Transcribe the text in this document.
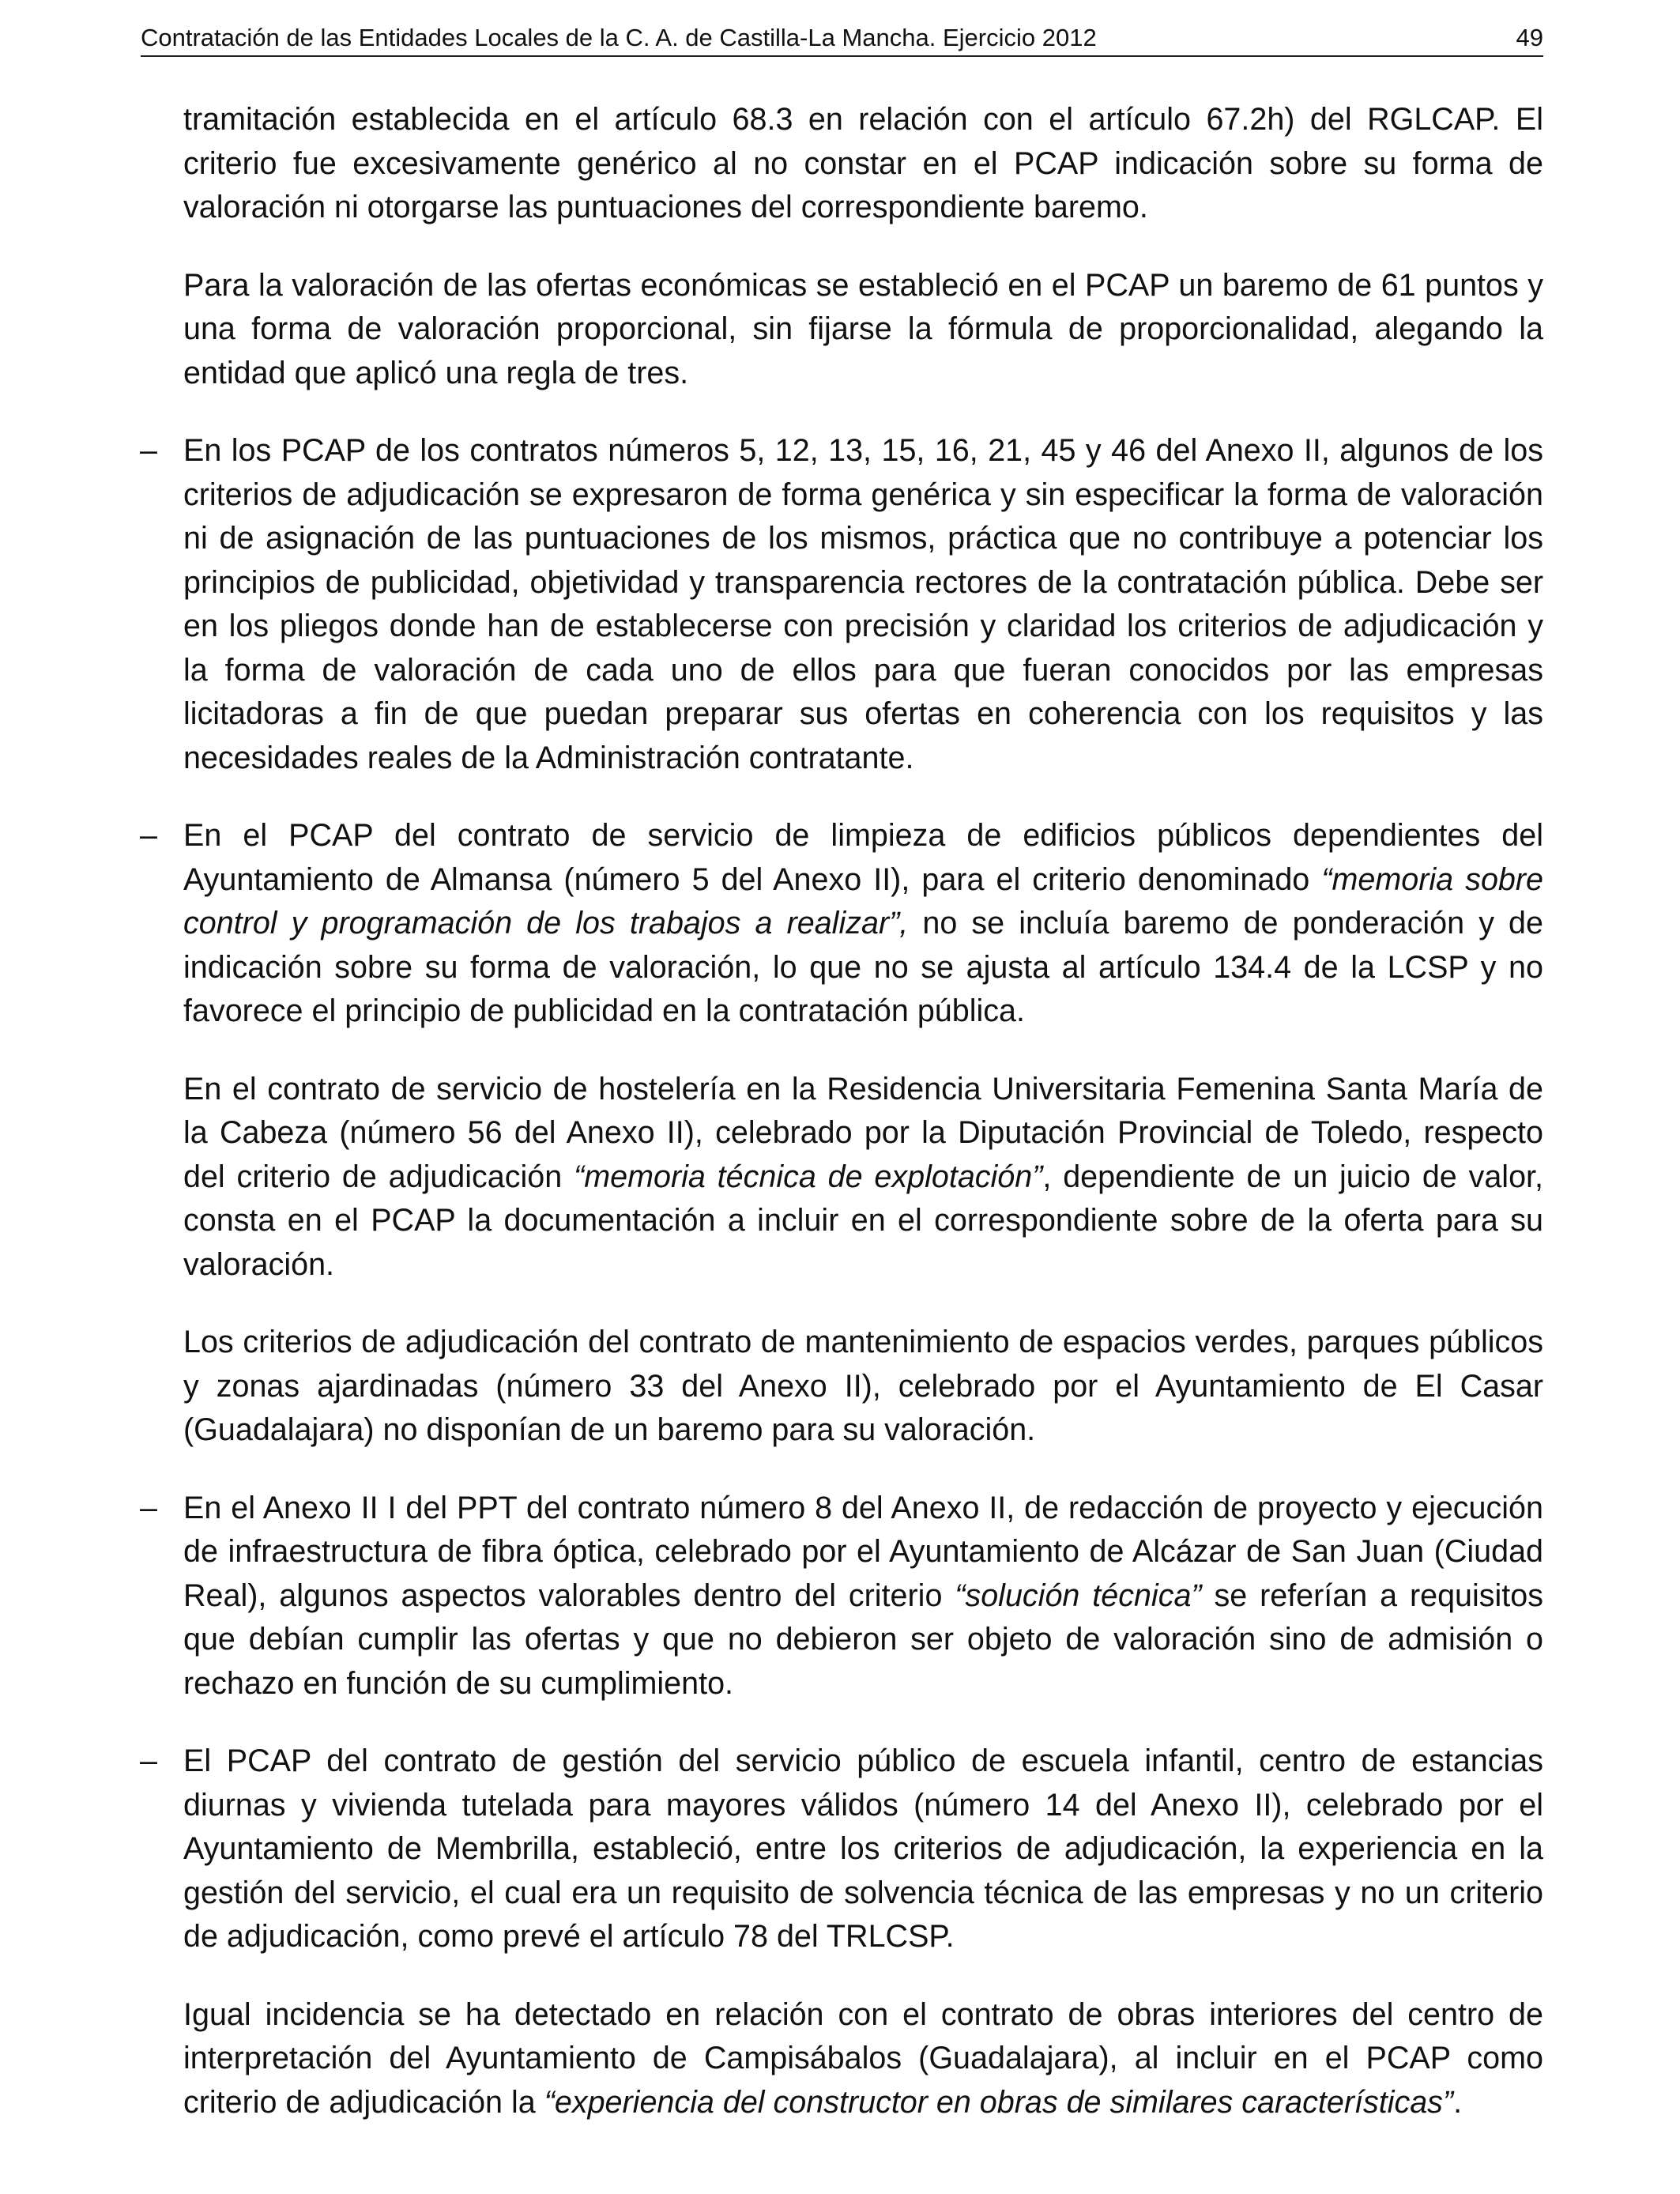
Contratación de las Entidades Locales de la C. A. de Castilla-La Mancha. Ejercicio 2012	49

tramitación establecida en el artículo 68.3 en relación con el artículo 67.2h) del RGLCAP. El criterio fue excesivamente genérico al no constar en el PCAP indicación sobre su forma de valoración ni otorgarse las puntuaciones del correspondiente baremo.

Para la valoración de las ofertas económicas se estableció en el PCAP un baremo de 61 puntos y una forma de valoración proporcional, sin fijarse la fórmula de proporcionalidad, alegando la entidad que aplicó una regla de tres.

– En los PCAP de los contratos números 5, 12, 13, 15, 16, 21, 45 y 46 del Anexo II, algunos de los criterios de adjudicación se expresaron de forma genérica y sin especificar la forma de valoración ni de asignación de las puntuaciones de los mismos, práctica que no contribuye a potenciar los principios de publicidad, objetividad y transparencia rectores de la contratación pública. Debe ser en los pliegos donde han de establecerse con precisión y claridad los criterios de adjudicación y la forma de valoración de cada uno de ellos para que fueran conocidos por las empresas licitadoras a fin de que puedan preparar sus ofertas en coherencia con los requisitos y las necesidades reales de la Administración contratante.
– En el PCAP del contrato de servicio de limpieza de edificios públicos dependientes del Ayuntamiento de Almansa (número 5 del Anexo II), para el criterio denominado “memoria sobre control y programación de los trabajos a realizar”, no se incluía baremo de ponderación y de indicación sobre su forma de valoración, lo que no se ajusta al artículo 134.4 de la LCSP y no favorece el principio de publicidad en la contratación pública.

En el contrato de servicio de hostelería en la Residencia Universitaria Femenina Santa María de la Cabeza (número 56 del Anexo II), celebrado por la Diputación Provincial de Toledo, respecto del criterio de adjudicación “memoria técnica de explotación”, dependiente de un juicio de valor, consta en el PCAP la documentación a incluir en el correspondiente sobre de la oferta para su valoración.

Los criterios de adjudicación del contrato de mantenimiento de espacios verdes, parques públicos y zonas ajardinadas (número 33 del Anexo II), celebrado por el Ayuntamiento de El Casar (Guadalajara) no disponían de un baremo para su valoración.

– En el Anexo II I del PPT del contrato número 8 del Anexo II, de redacción de proyecto y ejecución de infraestructura de fibra óptica, celebrado por el Ayuntamiento de Alcázar de San Juan (Ciudad Real), algunos aspectos valorables dentro del criterio “solución técnica” se referían a requisitos que debían cumplir las ofertas y que no debieron ser objeto de valoración sino de admisión o rechazo en función de su cumplimiento.
– El PCAP del contrato de gestión del servicio público de escuela infantil, centro de estancias diurnas y vivienda tutelada para mayores válidos (número 14 del Anexo II), celebrado por el Ayuntamiento de Membrilla, estableció, entre los criterios de adjudicación, la experiencia en la gestión del servicio, el cual era un requisito de solvencia técnica de las empresas y no un criterio de adjudicación, como prevé el artículo 78 del TRLCSP.

Igual incidencia se ha detectado en relación con el contrato de obras interiores del centro de interpretación del Ayuntamiento de Campisábalos (Guadalajara), al incluir en el PCAP como criterio de adjudicación la “experiencia del constructor en obras de similares características”.
